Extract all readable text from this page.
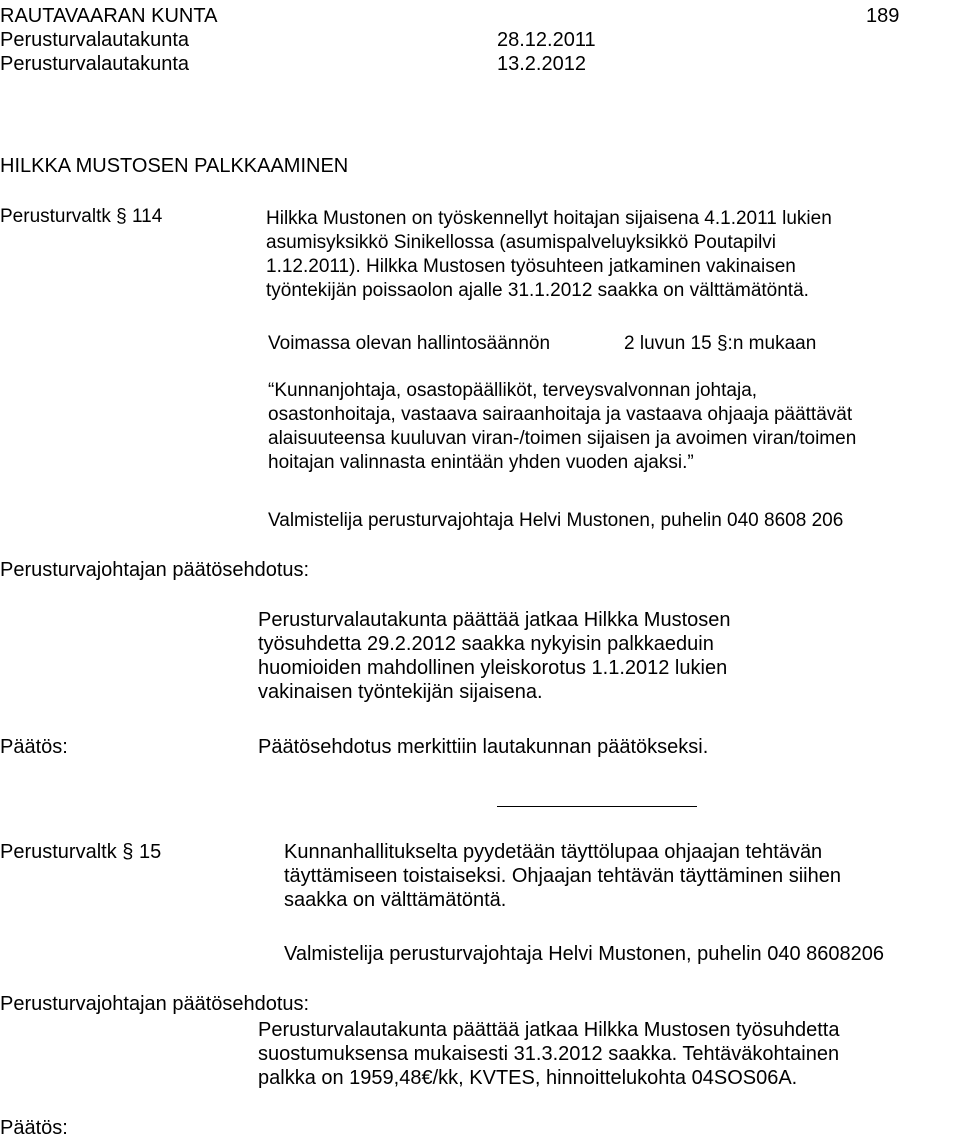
RAUTAVAARAN KUNTA	189
Perusturvalautakunta	28.12.2011
Perusturvalautakunta	13.2.2012
HILKKA MUSTOSEN PALKKAAMINEN
Perusturvaltk § 114	Hilkka Mustonen on työskennellyt hoitajan sijaisena 4.1.2011 lukien
asumisyksikkö Sinikellossa (asumispalveluyksikkö Poutapilvi
1.12.2011). Hilkka Mustosen työsuhteen jatkaminen vakinaisen
työntekijän poissaolon ajalle 31.1.2012 saakka on välttämätöntä.
Voimassa olevan hallintosäännön	2 luvun 15 §:n mukaan
“Kunnanjohtaja, osastopäälliköt, terveysvalvonnan johtaja,
osastonhoitaja, vastaava sairaanhoitaja ja vastaava ohjaaja päättävät
alaisuuteensa kuuluvan viran-/toimen sijaisen ja avoimen viran/toimen
hoitajan valinnasta enintään yhden vuoden ajaksi.”
Valmistelija perusturvajohtaja Helvi Mustonen, puhelin 040 8608 206
Perusturvajohtajan päätösehdotus:
Perusturvalautakunta päättää jatkaa Hilkka Mustosen
työsuhdetta 29.2.2012 saakka nykyisin palkkaeduin
huomioiden mahdollinen yleiskorotus 1.1.2012 lukien
vakinaisen työntekijän sijaisena.
Päätös:	Päätösehdotus merkittiin lautakunnan päätökseksi.
Perusturvaltk § 15	Kunnanhallitukselta pyydetään täyttölupaa ohjaajan tehtävän
täyttämiseen toistaiseksi. Ohjaajan tehtävän täyttäminen siihen
saakka on välttämätöntä.
Valmistelija perusturvajohtaja Helvi Mustonen, puhelin 040 8608206
Perusturvajohtajan päätösehdotus:
Perusturvalautakunta päättää jatkaa Hilkka Mustosen työsuhdetta
suostumuksensa mukaisesti 31.3.2012 saakka. Tehtäväkohtainen
palkka on 1959,48€/kk, KVTES, hinnoittelukohta 04SOS06A.
Päätös:
